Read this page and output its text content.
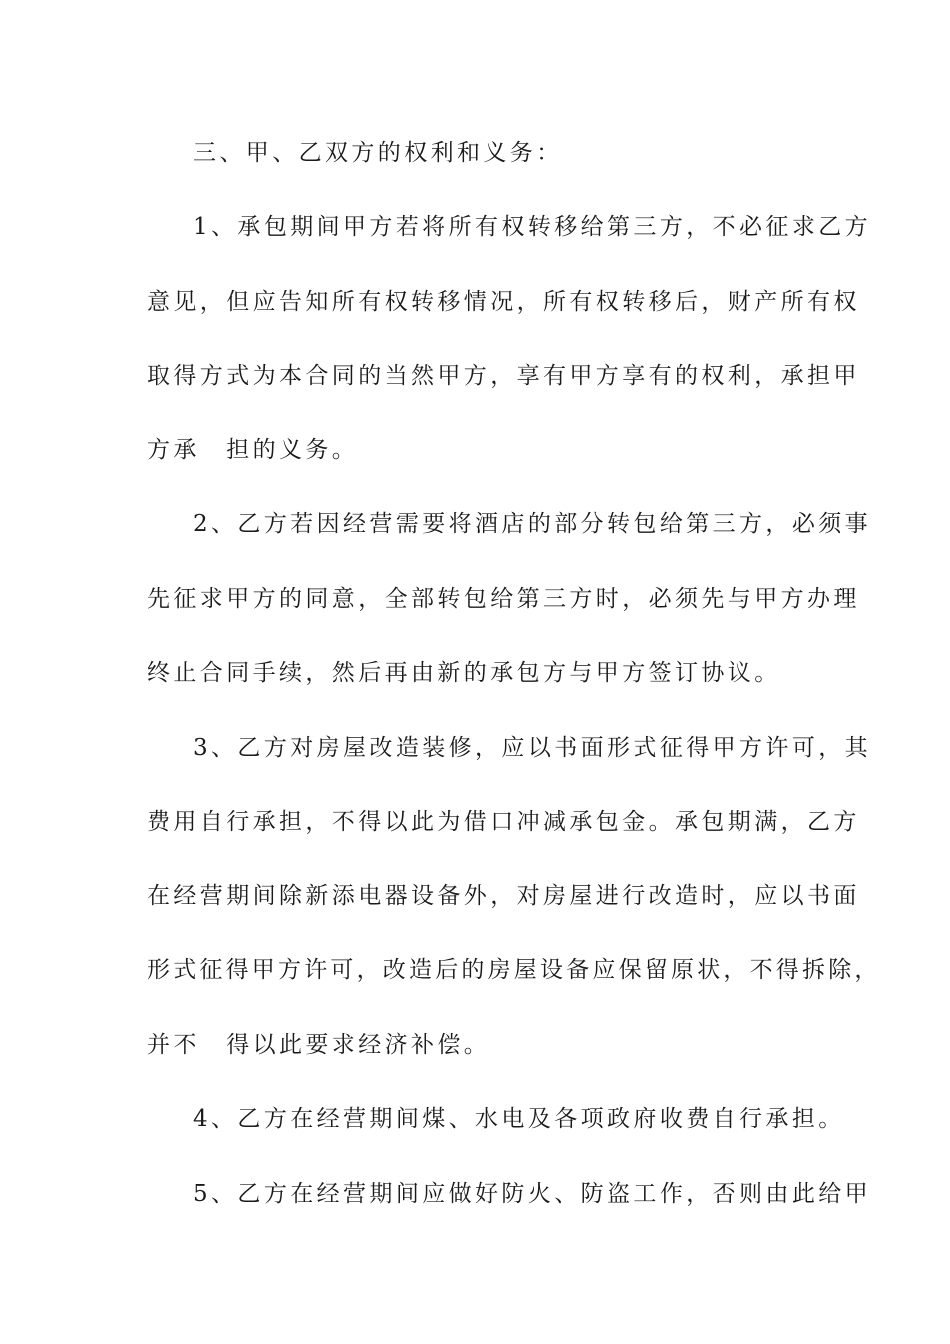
三、甲、乙双方的权利和义务：
1、承包期间甲方若将所有权转移给第三方，不必征求乙方
意见，但应告知所有权转移情况，所有权转移后，财产所有权
取得方式为本合同的当然甲方，享有甲方享有的权利，承担甲
方承　担的义务。
2、乙方若因经营需要将酒店的部分转包给第三方，必须事
先征求甲方的同意，全部转包给第三方时，必须先与甲方办理
终止合同手续，然后再由新的承包方与甲方签订协议。
3、乙方对房屋改造装修，应以书面形式征得甲方许可，其
费用自行承担，不得以此为借口冲减承包金。承包期满，乙方
在经营期间除新添电器设备外，对房屋进行改造时，应以书面
形式征得甲方许可，改造后的房屋设备应保留原状，不得拆除，
并不　得以此要求经济补偿。
4、乙方在经营期间煤、水电及各项政府收费自行承担。
5、乙方在经营期间应做好防火、防盗工作，否则由此给甲
